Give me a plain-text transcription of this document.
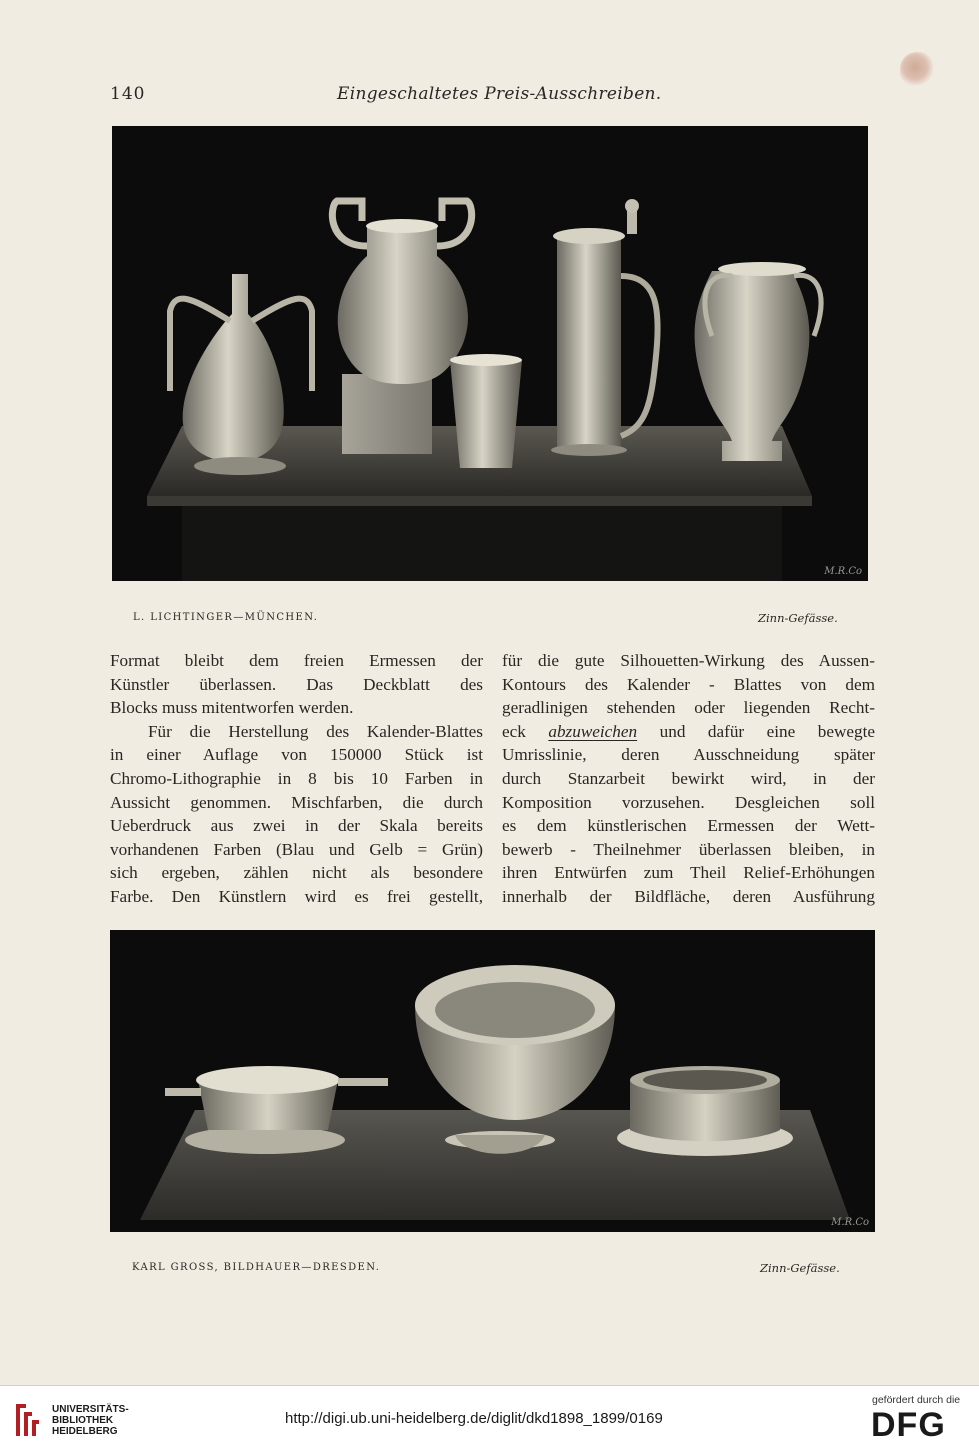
140	Eingeschaltetes Preis-Ausschreiben.
M.R.Co
L. LICHTINGER—MÜNCHEN.	Zinn-Gefässe.
Format bleibt dem freien Ermessen der
Künstler überlassen. Das Deckblatt des
Blocks muss mitentworfen werden.
Für die Herstellung des Kalender-Blattes
in einer Auflage von 150000 Stück ist
Chromo-Lithographie in 8 bis 10 Farben in
Aussicht genommen. Mischfarben, die durch
Ueberdruck aus zwei in der Skala bereits
vorhandenen Farben (Blau und Gelb = Grün)
sich ergeben, zählen nicht als besondere
Farbe. Den Künstlern wird es frei gestellt,
für die gute Silhouetten-Wirkung des Aussen-
Kontours des Kalender - Blattes von dem
geradlinigen stehenden oder liegenden Recht-
eck abzuweichen und dafür eine bewegte
Umrisslinie, deren Ausschneidung später
durch Stanzarbeit bewirkt wird, in der
Komposition vorzusehen. Desgleichen soll
es dem künstlerischen Ermessen der Wett-
bewerb - Theilnehmer überlassen bleiben, in
ihren Entwürfen zum Theil Relief-Erhöhungen
innerhalb der Bildfläche, deren Ausführung
M.R.Co
KARL GROSS, BILDHAUER—DRESDEN.	Zinn-Gefässe.
UNIVERSITÄTS-
BIBLIOTHEK
HEIDELBERG
http://digi.ub.uni-heidelberg.de/diglit/dkd1898_1899/0169
gefördert durch die
DFG
